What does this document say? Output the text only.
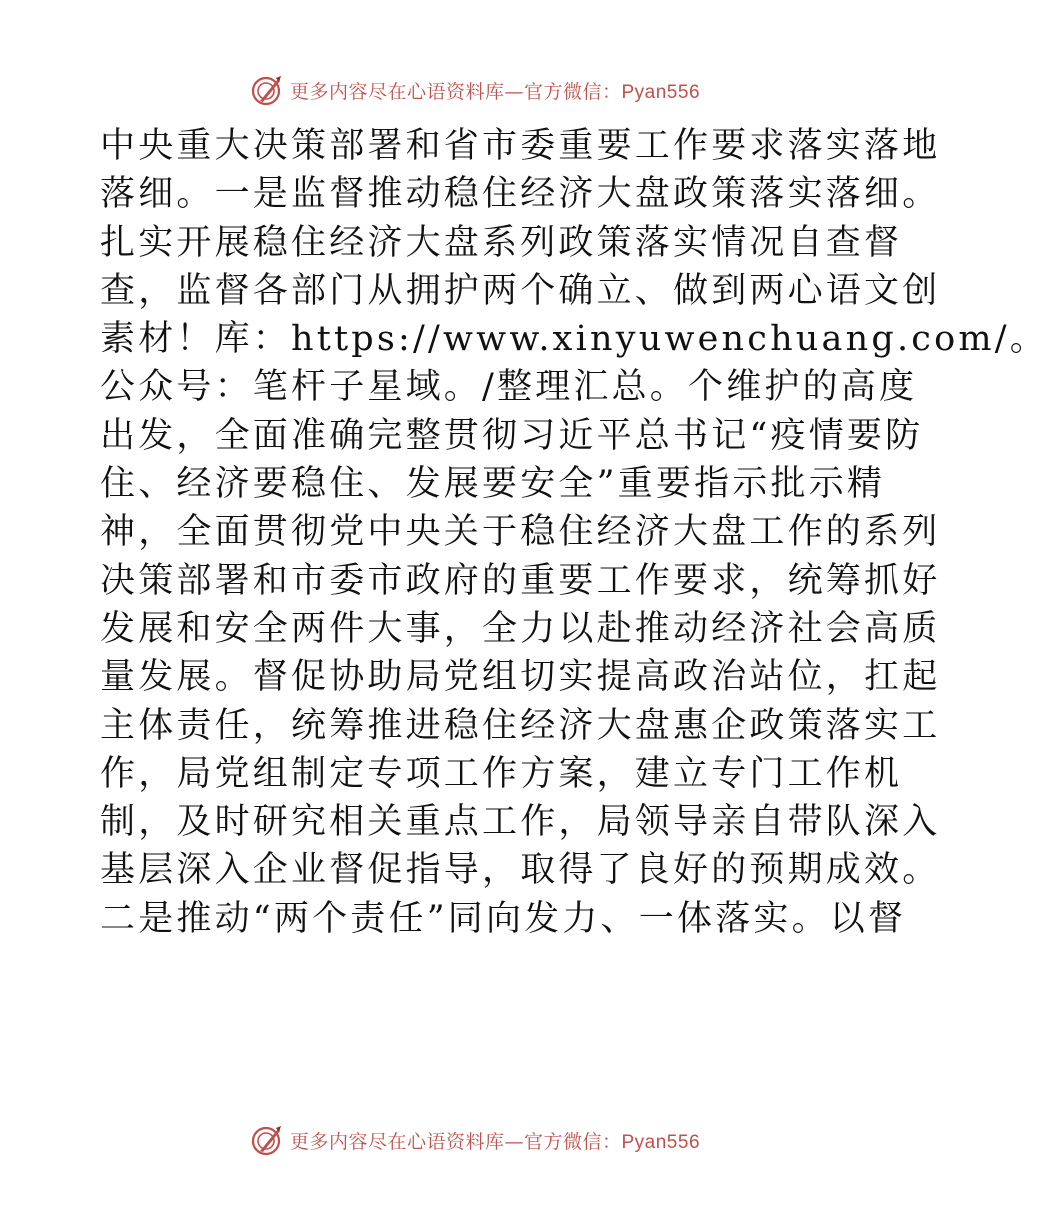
更多内容尽在心语资料库—官方微信：Pyan556
中央重大决策部署和省市委重要工作要求落实落地
落细。一是监督推动稳住经济大盘政策落实落细。
扎实开展稳住经济大盘系列政策落实情况自查督
查，监督各部门从拥护两个确立、做到两心语文创
素材！库：https://www.xinyuwenchuang.com/。
公众号：笔杆子星域。/整理汇总。个维护的高度
出发，全面准确完整贯彻习近平总书记“疫情要防
住、经济要稳住、发展要安全”重要指示批示精
神，全面贯彻党中央关于稳住经济大盘工作的系列
决策部署和市委市政府的重要工作要求，统筹抓好
发展和安全两件大事，全力以赴推动经济社会高质
量发展。督促协助局党组切实提高政治站位，扛起
主体责任，统筹推进稳住经济大盘惠企政策落实工
作，局党组制定专项工作方案，建立专门工作机
制，及时研究相关重点工作，局领导亲自带队深入
基层深入企业督促指导，取得了良好的预期成效。
二是推动“两个责任”同向发力、一体落实。以督
更多内容尽在心语资料库—官方微信：Pyan556
